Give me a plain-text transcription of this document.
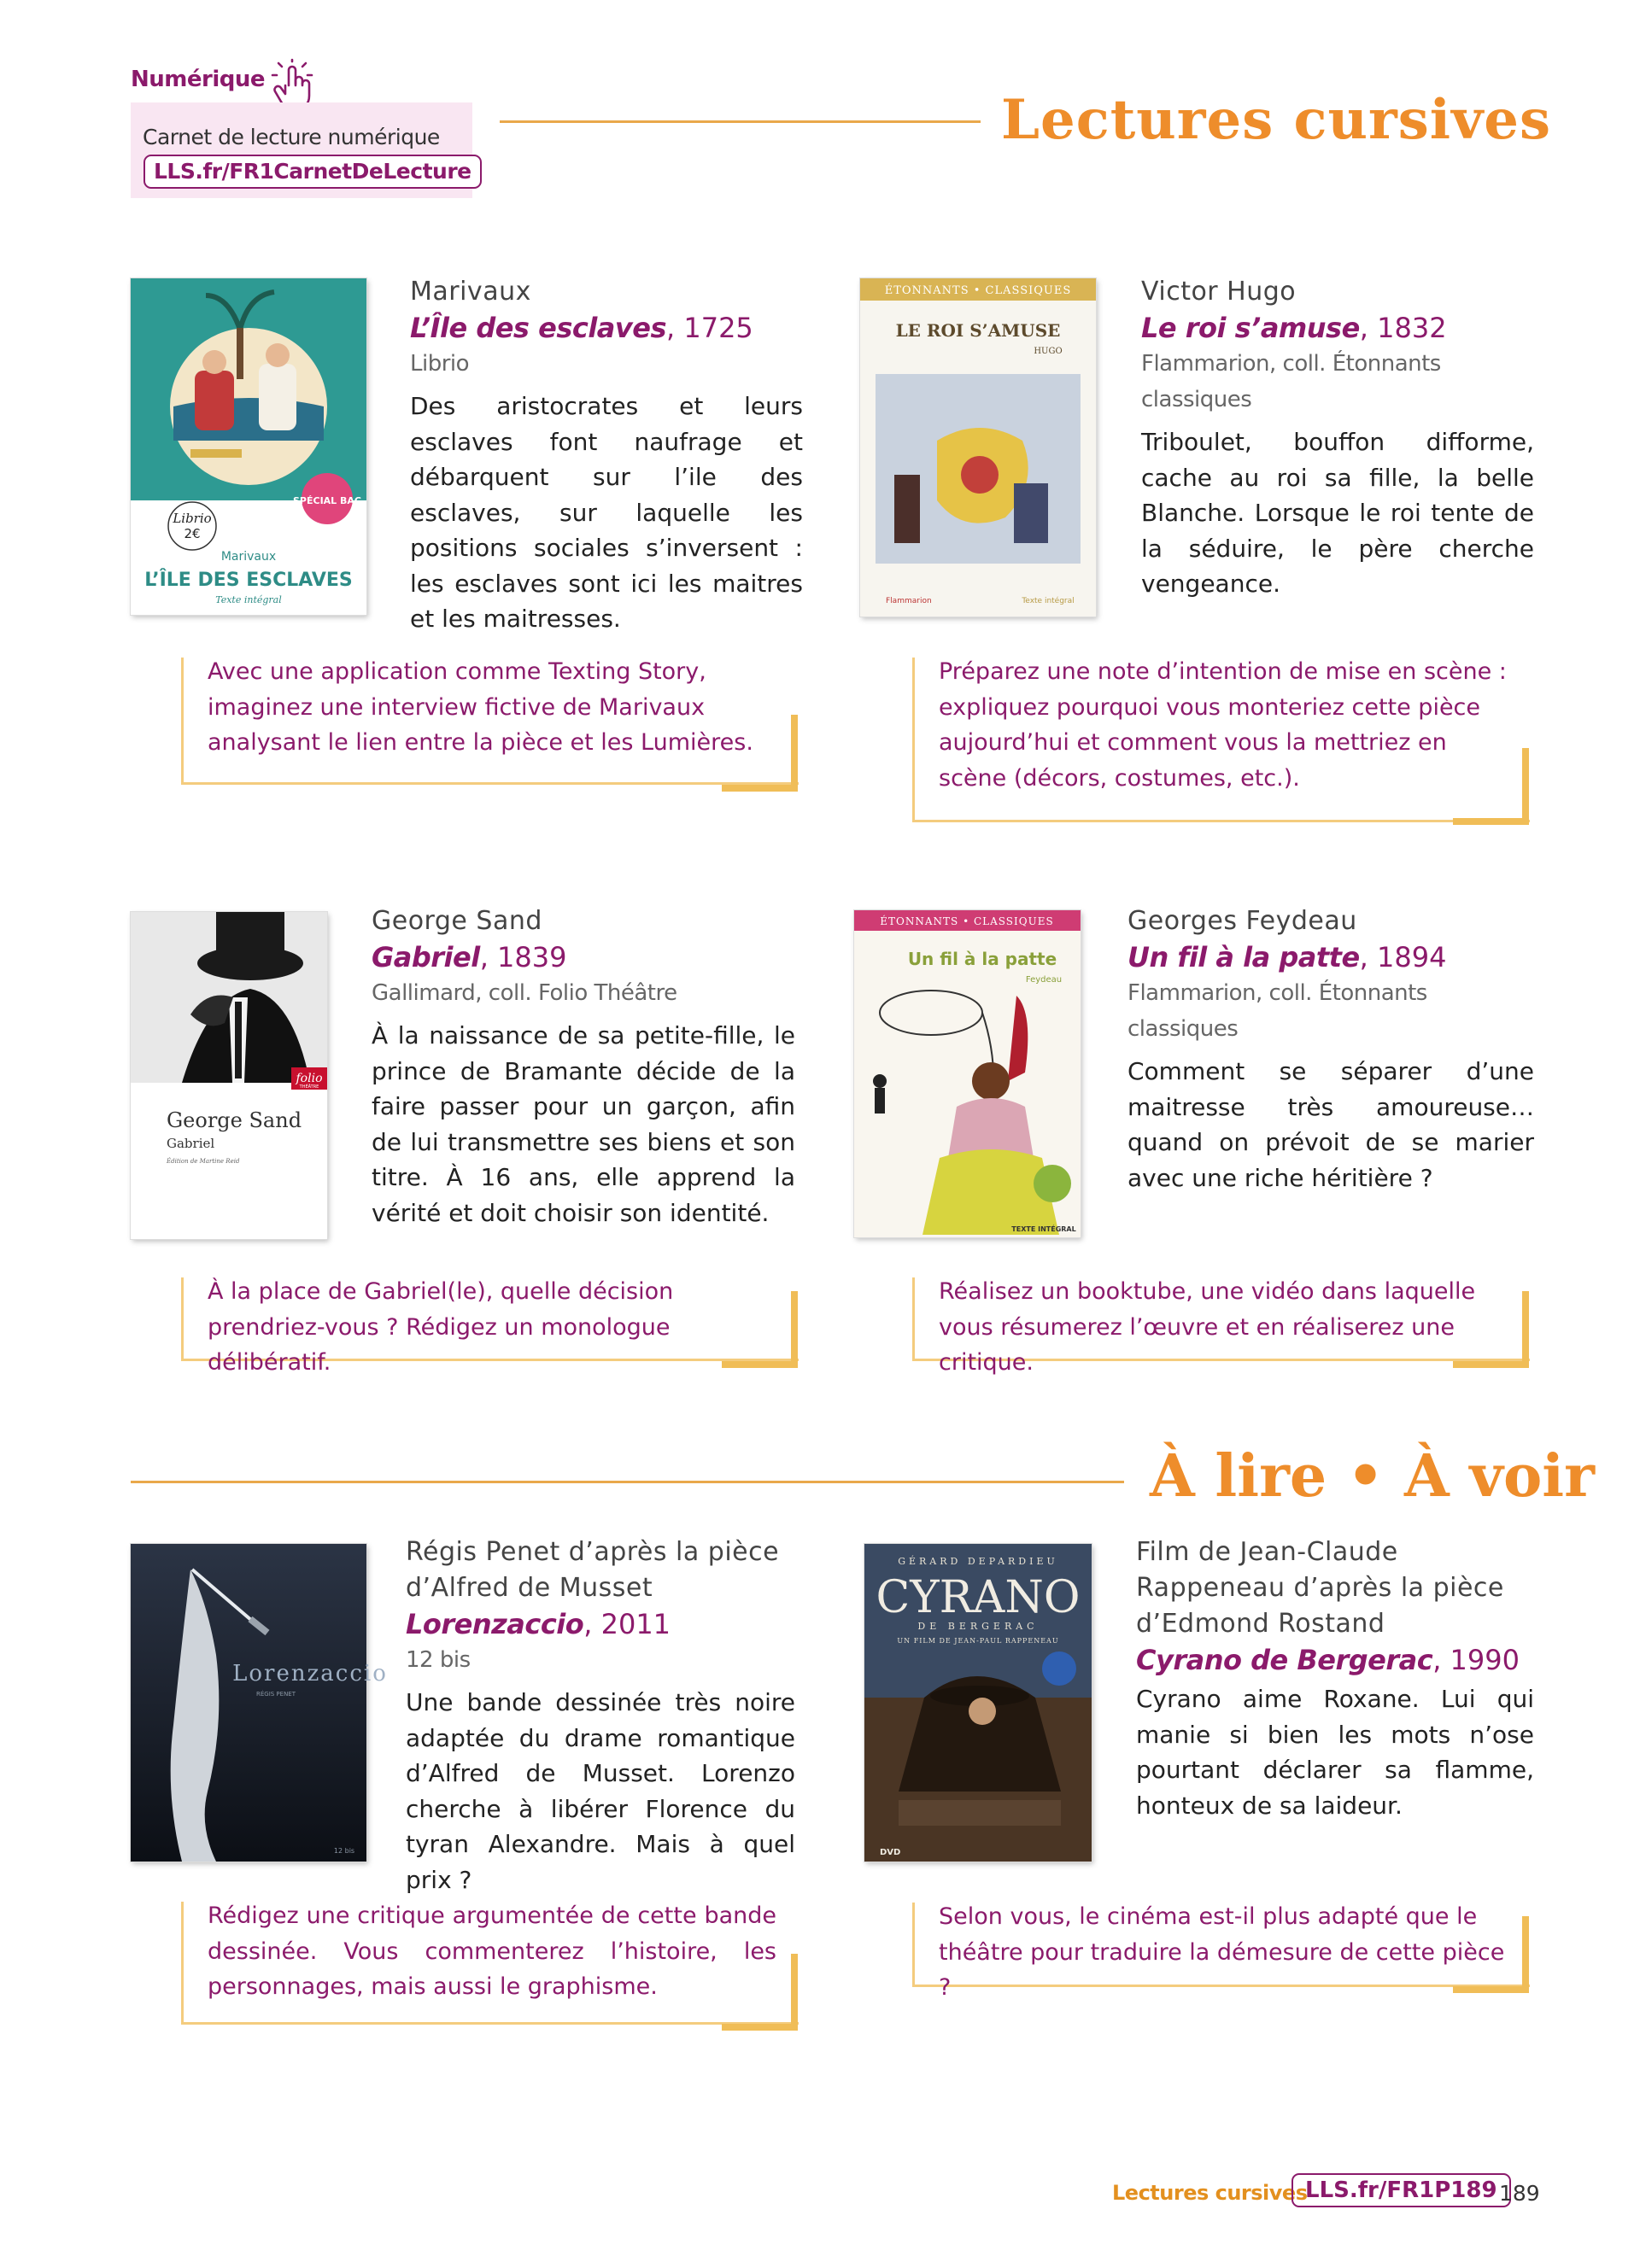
Numérique
Carnet de lecture numérique
LLS.fr/FR1CarnetDeLecture
Lectures cursives
Librio
2€
SPÉCIAL BAC
Marivaux
L’ÎLE DES ESCLAVES
Texte intégral
Marivaux
L’Île des esclaves, 1725
Librio
Des aristocrates et leurs esclaves font naufrage et débarquent sur l’ile des esclaves, sur laquelle les positions sociales s’inversent : les esclaves sont ici les maitres et les maitresses.
Avec une application comme Texting Story, imaginez une interview fictive de Marivaux analysant le lien entre la pièce et les Lumières.
ÉTONNANTS • CLASSIQUES
LE ROI S’AMUSE
HUGO
Flammarion	Texte intégral
Victor Hugo
Le roi s’amuse, 1832
Flammarion, coll. Étonnants classiques
Triboulet, bouffon difforme, cache au roi sa fille, la belle Blanche. Lorsque le roi tente de la séduire, le père cherche vengeance.
Préparez une note d’intention de mise en scène : expliquez pourquoi vous monteriez cette pièce aujourd’hui et comment vous la mettriez en scène (décors, costumes, etc.).
folio
THÉÂTRE
George Sand
Gabriel
Édition de Martine Reid
George Sand
Gabriel, 1839
Gallimard, coll. Folio Théâtre
À la naissance de sa petite-fille, le prince de Bramante décide de la faire passer pour un garçon, afin de lui transmettre ses biens et son titre. À 16 ans, elle apprend la vérité et doit choisir son identité.
À la place de Gabriel(le), quelle décision prendriez-vous ? Rédigez un monologue délibératif.
ÉTONNANTS • CLASSIQUES
Un fil à la patte
Feydeau
TEXTE INTÉGRAL
Georges Feydeau
Un fil à la patte, 1894
Flammarion, coll. Étonnants classiques
Comment se séparer d’une maitresse très amoureuse… quand on prévoit de se marier avec une riche héritière ?
Réalisez un booktube, une vidéo dans laquelle vous résumerez l’œuvre et en réaliserez une critique.
À lire • À voir
Lorenzaccio
RÉGIS PENET
12 bis
Régis Penet d’après la pièce d’Alfred de Musset
Lorenzaccio, 2011
12 bis
Une bande dessinée très noire adaptée du drame romantique d’Alfred de Musset. Lorenzo cherche à libérer Florence du tyran Alexandre. Mais à quel prix ?
Rédigez une critique argumentée de cette bande dessinée. Vous commenterez l’histoire, les personnages, mais aussi le graphisme.
GÉRARD DEPARDIEU
CYRANO
DE BERGERAC
UN FILM DE JEAN-PAUL RAPPENEAU
DVD
Film de Jean-Claude Rappeneau d’après la pièce d’Edmond Rostand
Cyrano de Bergerac, 1990
Cyrano aime Roxane. Lui qui manie si bien les mots n’ose pourtant déclarer sa flamme, honteux de sa laideur.
Selon vous, le cinéma est-il plus adapté que le théâtre pour traduire la démesure de cette pièce ?
Lectures cursives
LLS.fr/FR1P189 189
